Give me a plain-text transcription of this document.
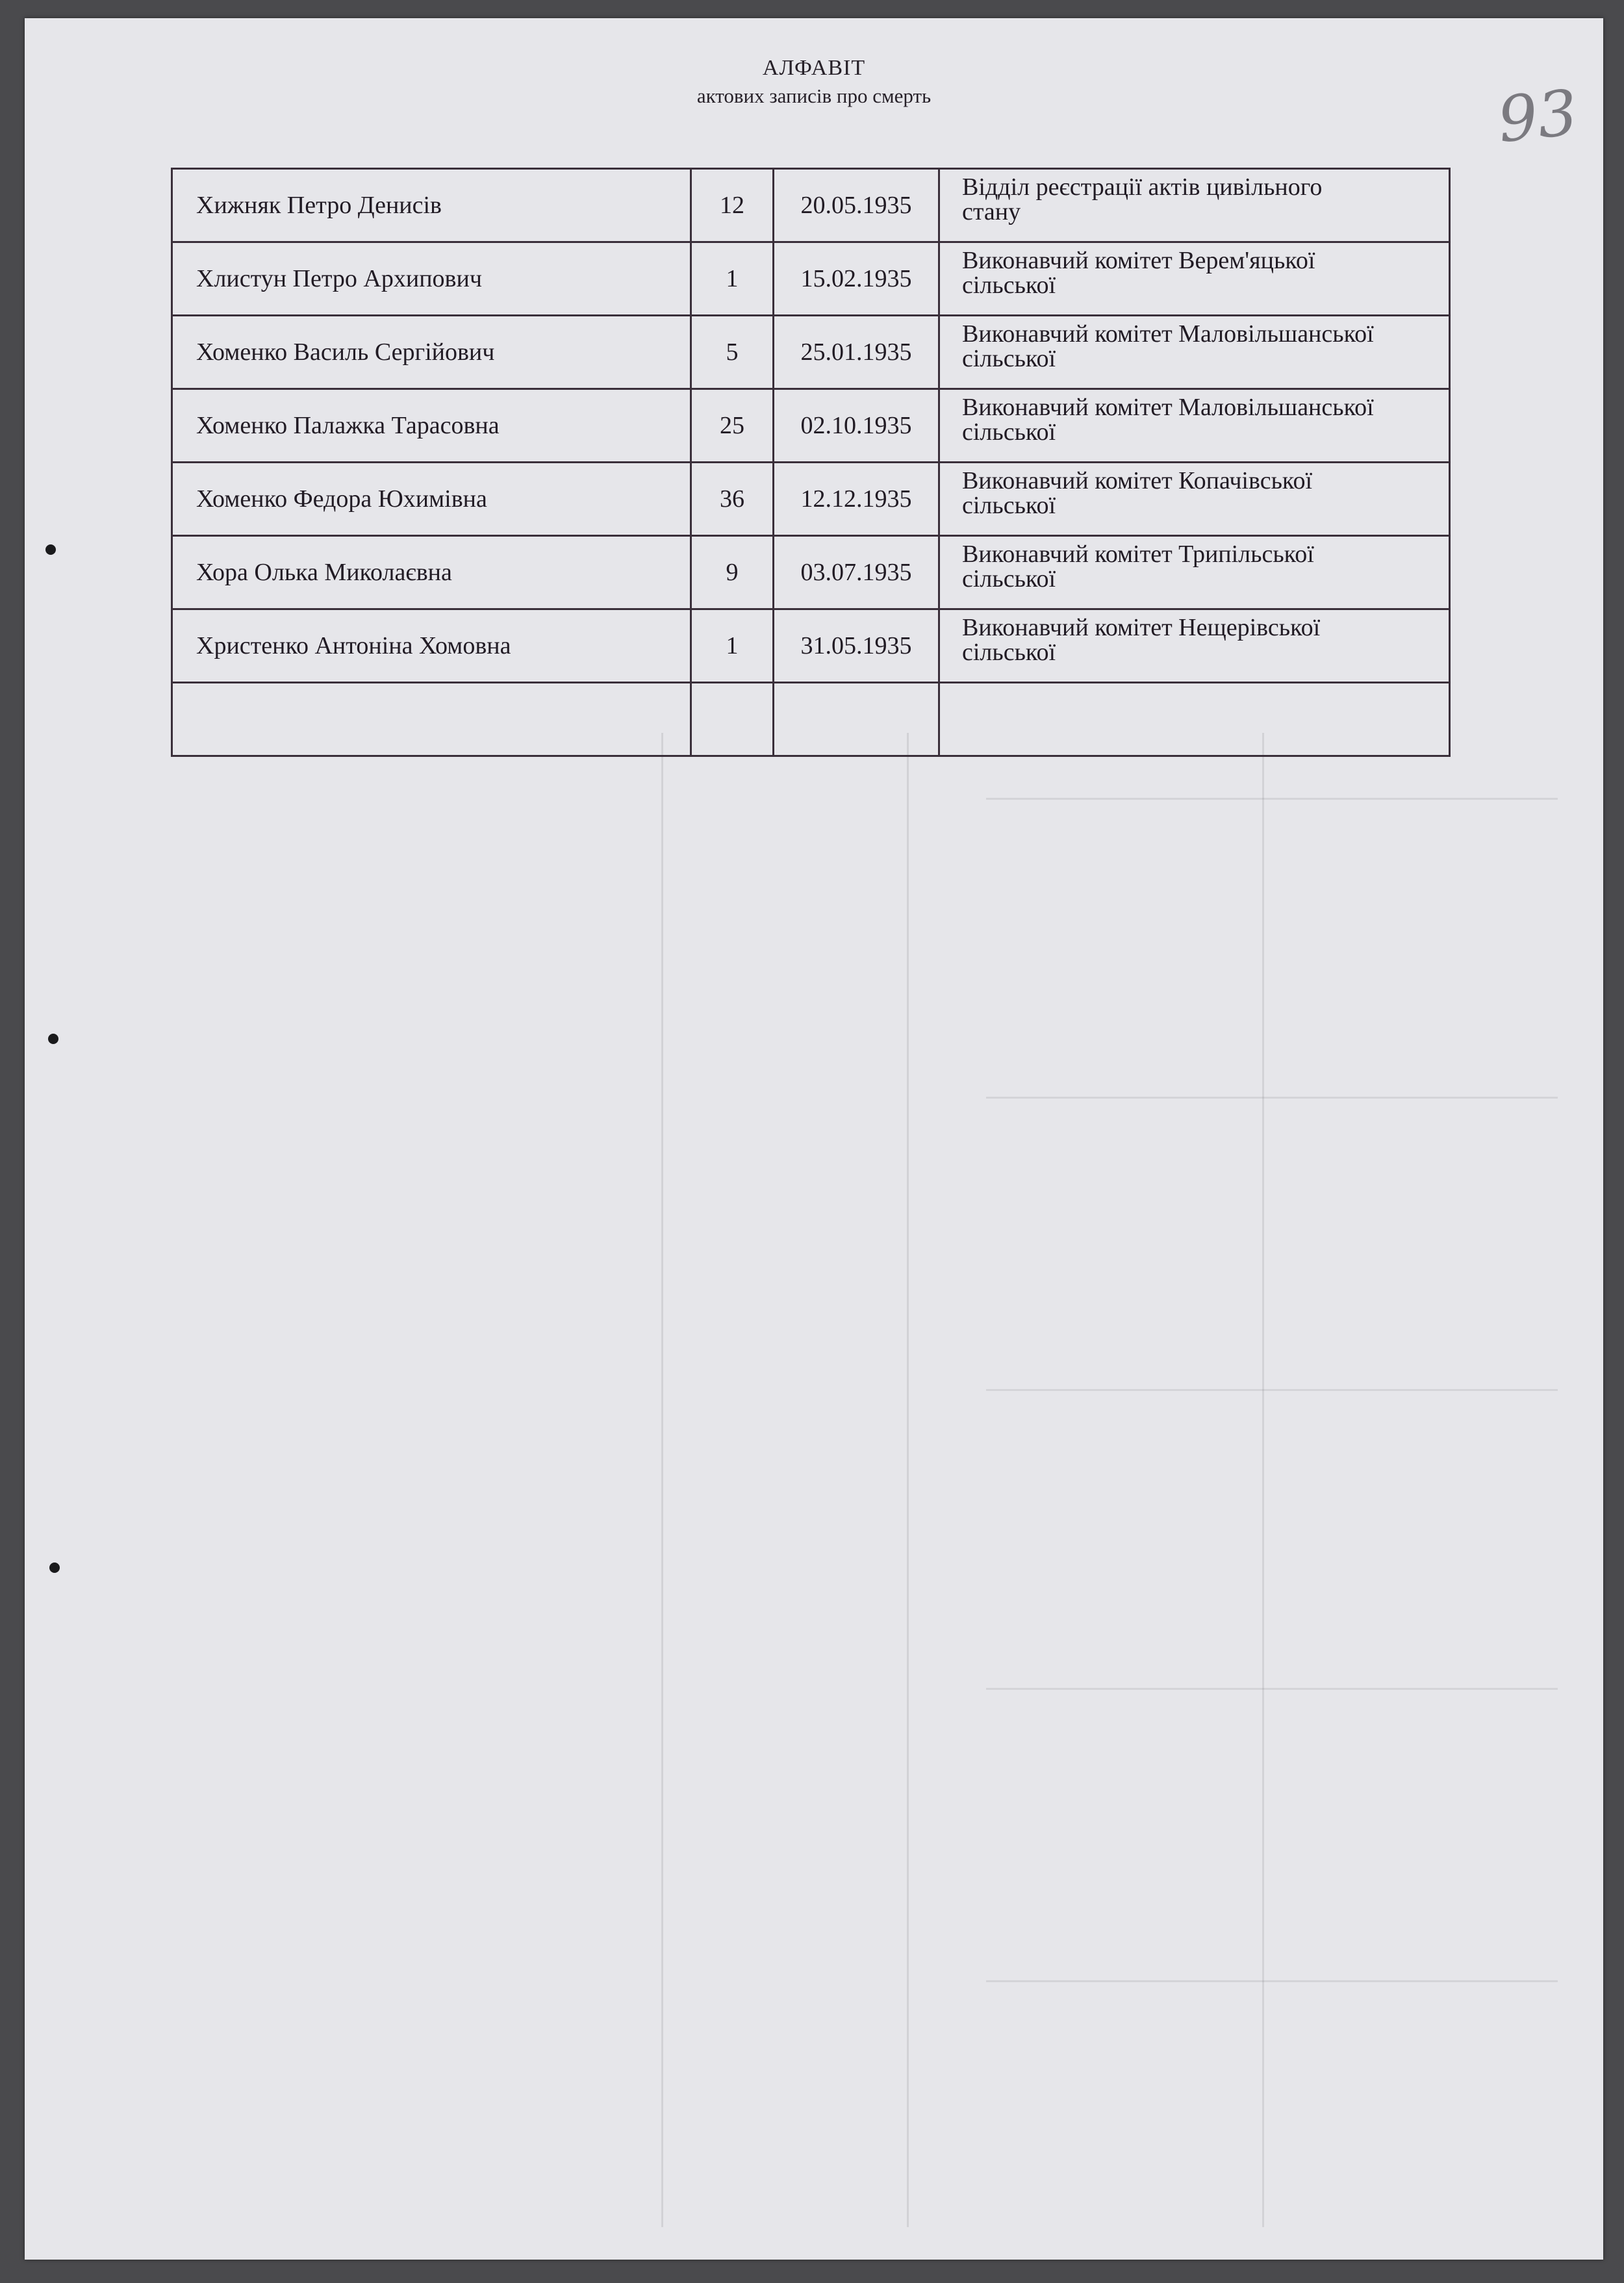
АЛФАВІТ
актових записів про смерть	93
Хижняк Петро Денисів	12	20.05.1935	Відділ реєстрації актів цивільного
стану

Хлистун Петро Архипович	1	15.02.1935	Виконавчий комітет Верем'яцької
сільської

Хоменко Василь Сергійович	5	25.01.1935	Виконавчий комітет Маловільшанської
сільської

Хоменко Палажка Тарасовна	25	02.10.1935	Виконавчий комітет Маловільшанської
сільської

Хоменко Федора Юхимівна	36	12.12.1935	Виконавчий комітет Копачівської
сільської

Хора Олька Миколаєвна	9	03.07.1935	Виконавчий комітет Трипільської
сільської

Христенко Антоніна Хомовна	1	31.05.1935	Виконавчий комітет Нещерівської
сільської
